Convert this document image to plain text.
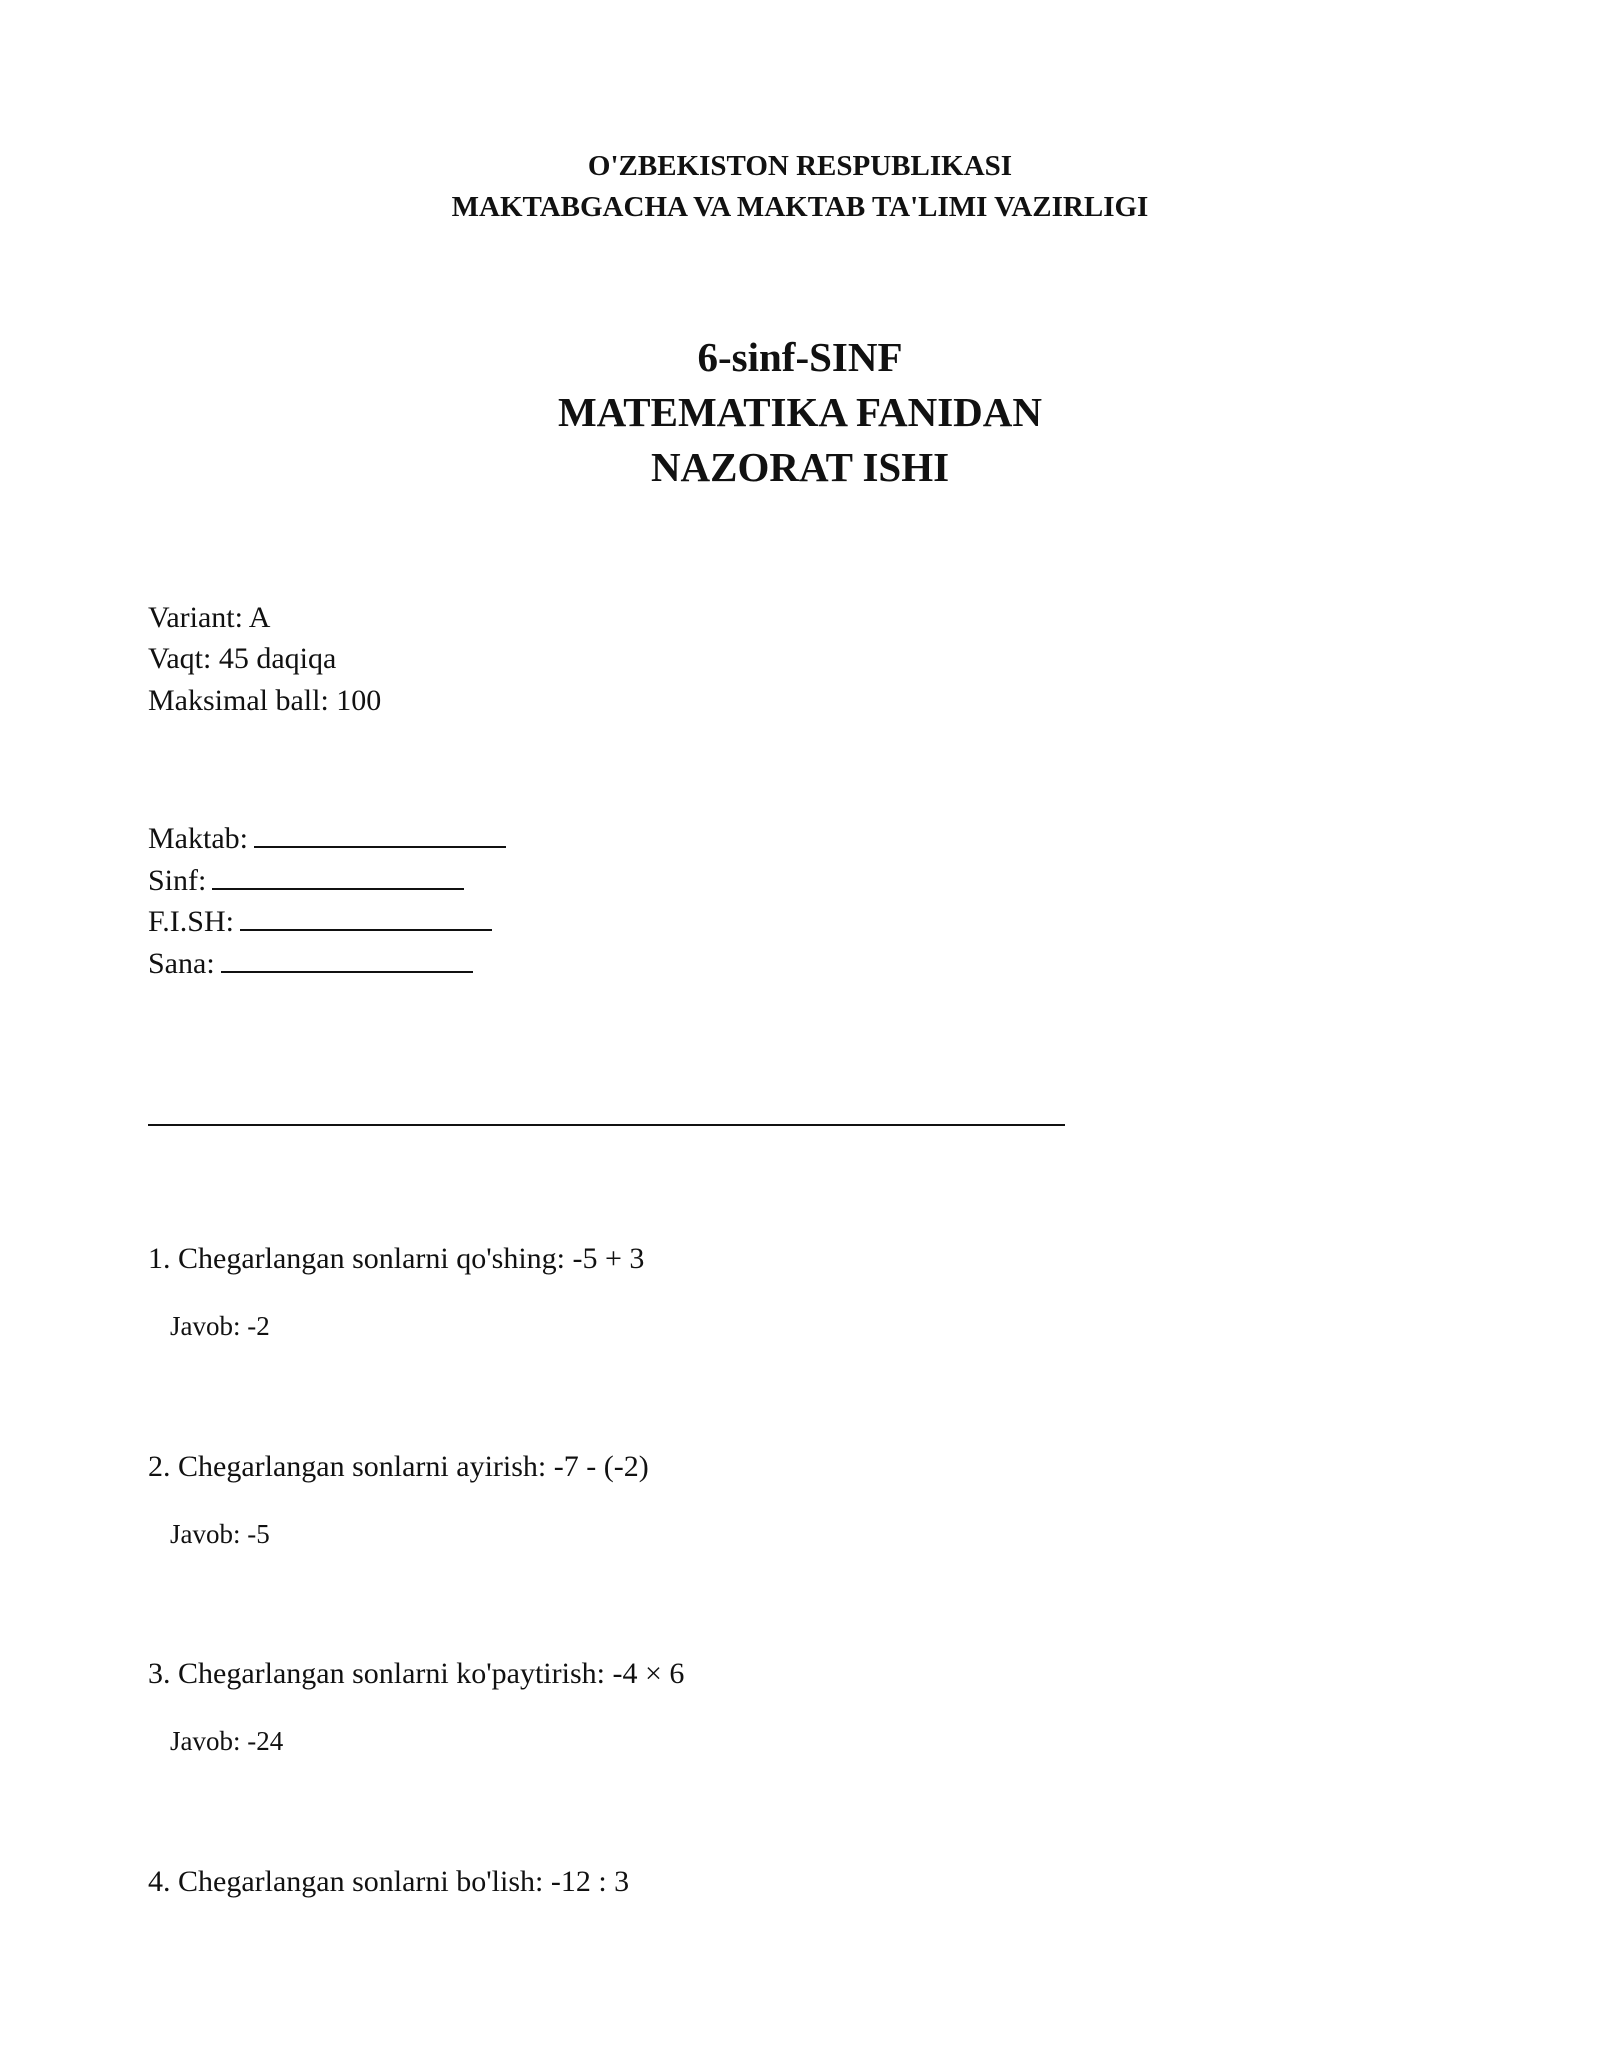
O'ZBEKISTON RESPUBLIKASI
MAKTABGACHA VA MAKTAB TA'LIMI VAZIRLIGI
6-sinf-SINF
MATEMATIKA FANIDAN
NAZORAT ISHI
Variant: A
Vaqt: 45 daqiqa
Maksimal ball: 100
Maktab:
Sinf:
F.I.SH:
Sana:
1. Chegarlangan sonlarni qo'shing: -5 + 3
Javob: -2
2. Chegarlangan sonlarni ayirish: -7 - (-2)
Javob: -5
3. Chegarlangan sonlarni ko'paytirish: -4 × 6
Javob: -24
4. Chegarlangan sonlarni bo'lish: -12 : 3
